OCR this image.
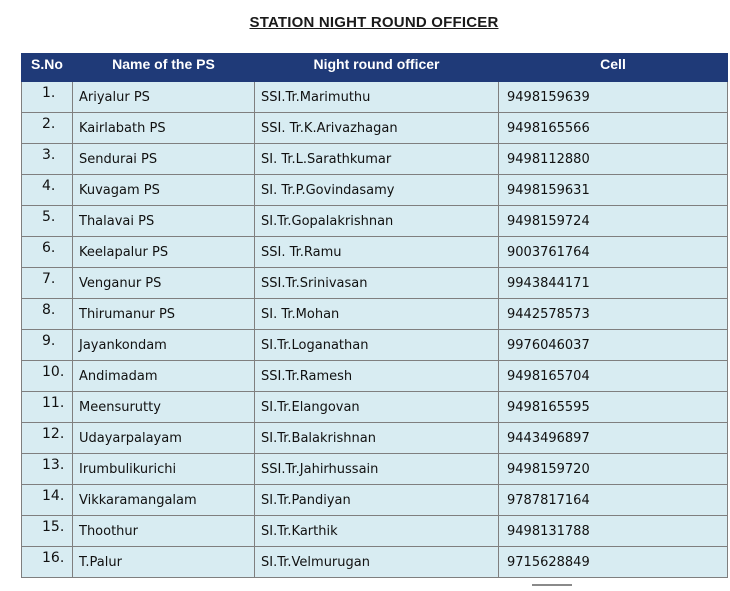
STATION NIGHT ROUND OFFICER
S.No	Name of the PS	Night round officer	Cell
1.	Ariyalur PS	SSI.Tr.Marimuthu	9498159639
2.	Kairlabath PS	SSI. Tr.K.Arivazhagan	9498165566
3.	Sendurai PS	SI. Tr.L.Sarathkumar	9498112880
4.	Kuvagam PS	SI. Tr.P.Govindasamy	9498159631
5.	Thalavai PS	SI.Tr.Gopalakrishnan	9498159724
6.	Keelapalur PS	SSI. Tr.Ramu	9003761764
7.	Venganur PS	SSI.Tr.Srinivasan	9943844171
8.	Thirumanur PS	SI. Tr.Mohan	9442578573
9.	Jayankondam	SI.Tr.Loganathan	9976046037
10.	Andimadam	SSI.Tr.Ramesh	9498165704
11.	Meensurutty	SI.Tr.Elangovan	9498165595
12.	Udayarpalayam	SI.Tr.Balakrishnan	9443496897
13.	Irumbulikurichi	SSI.Tr.Jahirhussain	9498159720
14.	Vikkaramangalam	SI.Tr.Pandiyan	9787817164
15.	Thoothur	SI.Tr.Karthik	9498131788
16.	T.Palur	SI.Tr.Velmurugan	9715628849
